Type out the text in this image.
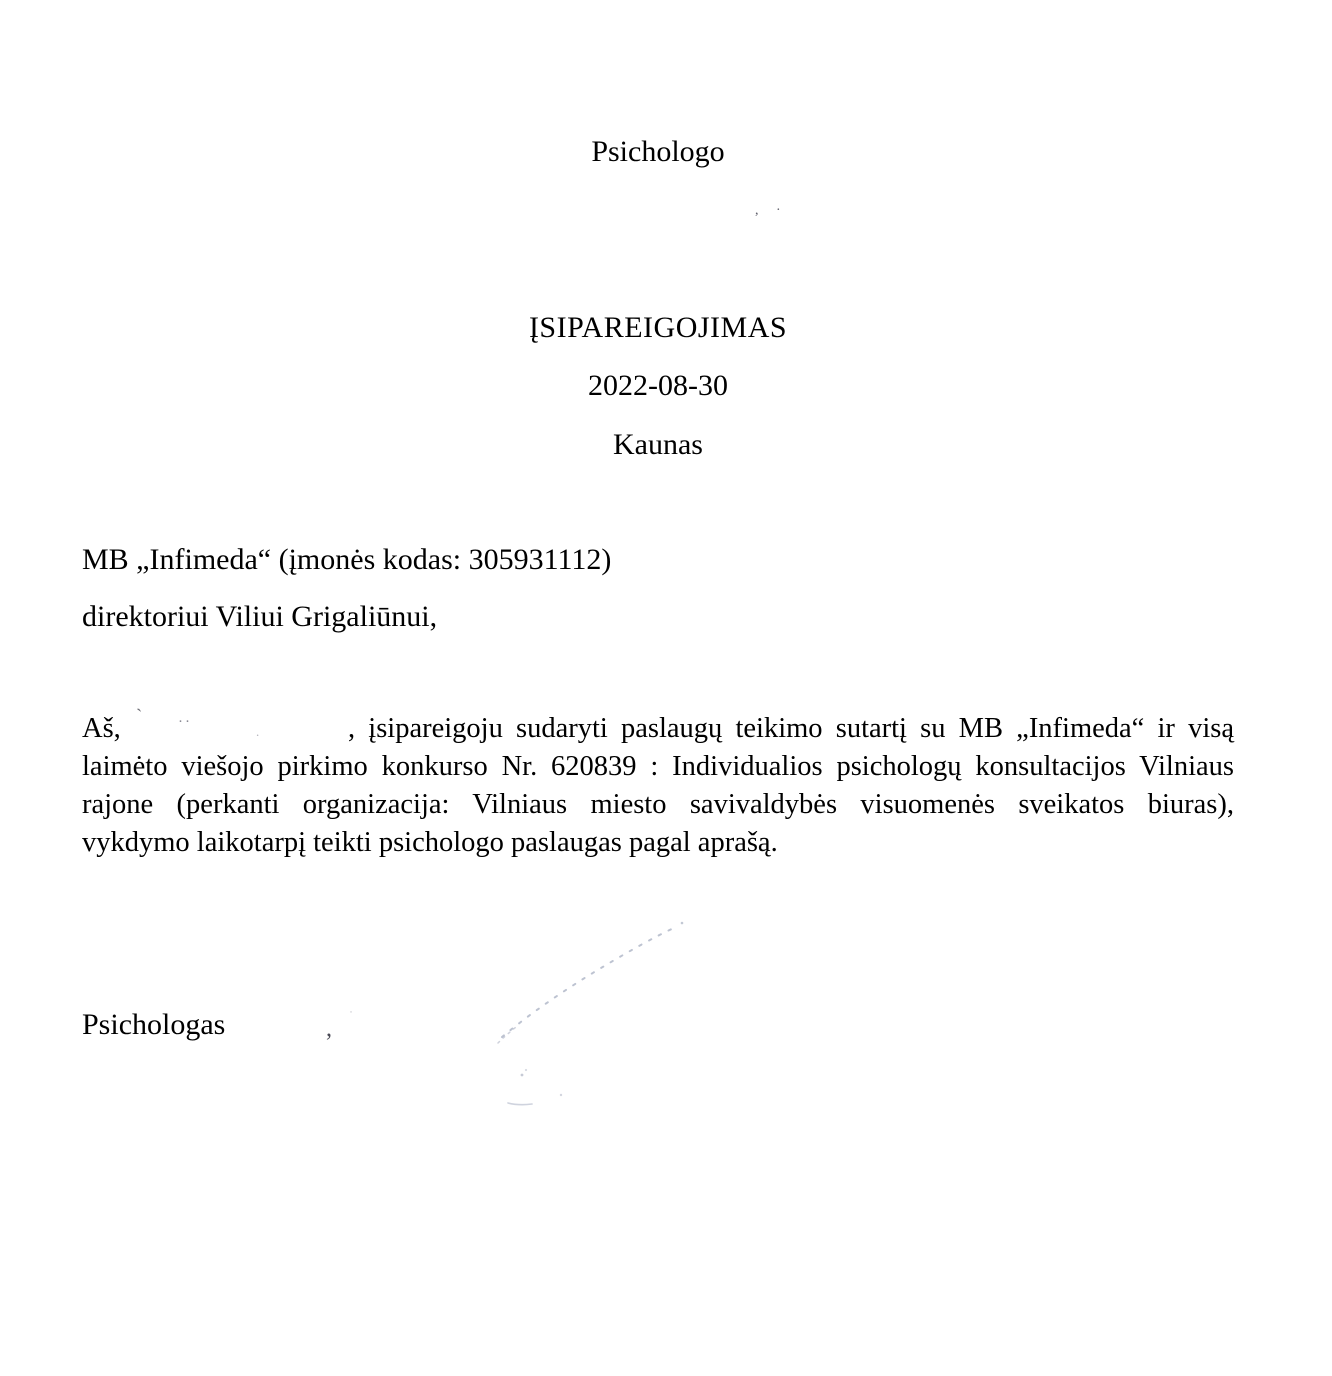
Psichologo
, ·
ĮSIPAREIGOJIMAS
2022-08-30
Kaunas
MB „Infimeda“ (įmonės kodas: 305931112)
direktoriui Viliui Grigaliūnui,
Aš, ˋ ··
.	, įsipareigoju sudaryti paslaugų teikimo sutartį su MB „Infimeda“ ir visą
laimėto viešojo pirkimo konkurso Nr. 620839 : Individualios psichologų konsultacijos Vilniaus
rajone (perkanti organizacija: Vilniaus miesto savivaldybės visuomenės sveikatos biuras),
vykdymo laikotarpį teikti psichologo paslaugas pagal aprašą.
Psichologas	,
˙
